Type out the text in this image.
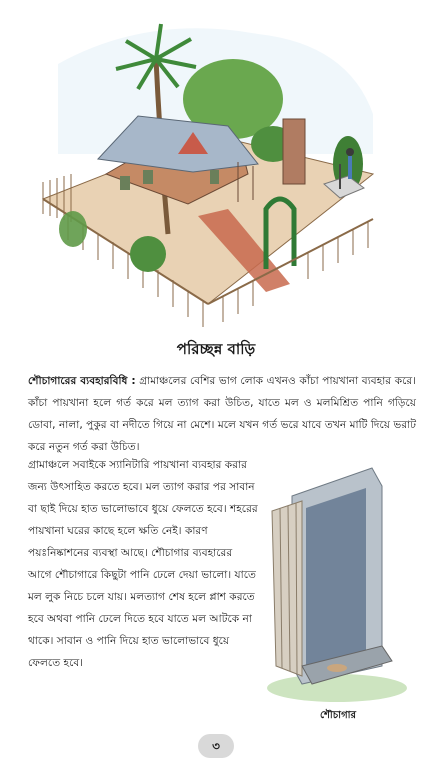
পরিচ্ছন্ন বাড়ি
শৌচাগারের ব্যবহারবিধি : গ্রামাঞ্চলের বেশির ভাগ লোক এখনও কাঁচা পায়খানা ব্যবহার করে। কাঁচা পায়খানা হলে গর্ত করে মল ত্যাগ করা উচিত, যাতে মল ও মলমিশ্রিত পানি গড়িয়ে ডোবা, নালা, পুকুর বা নদীতে গিয়ে না মেশে। মলে যখন গর্ত ভরে যাবে তখন মাটি দিয়ে ভরাট করে নতুন গর্ত করা উচিত।
গ্রামাঞ্চলে সবাইকে স্যানিটারি পায়খানা ব্যবহার করার জন্য উৎসাহিত করতে হবে। মল ত্যাগ করার পর সাবান বা ছাই দিয়ে হাত ভালোভাবে ধুয়ে ফেলতে হবে। শহরের পায়খানা ঘরের কাছে হলে ক্ষতি নেই। কারণ পয়ঃনিষ্কাশনের ব্যবস্থা আছে। শৌচাগার ব্যবহারের আগে শৌচাগারে কিছুটা পানি ঢেলে দেয়া ভালো। যাতে মল লুক নিচে চলে যায়। মলত্যাগ শেষ হলে প্লাশ করতে হবে অথবা পানি ঢেলে দিতে হবে যাতে মল আটকে না থাকে। সাবান ও পানি দিয়ে হাত ভালোভাবে ধুয়ে ফেলতে হবে।
শৌচাগার
৩
